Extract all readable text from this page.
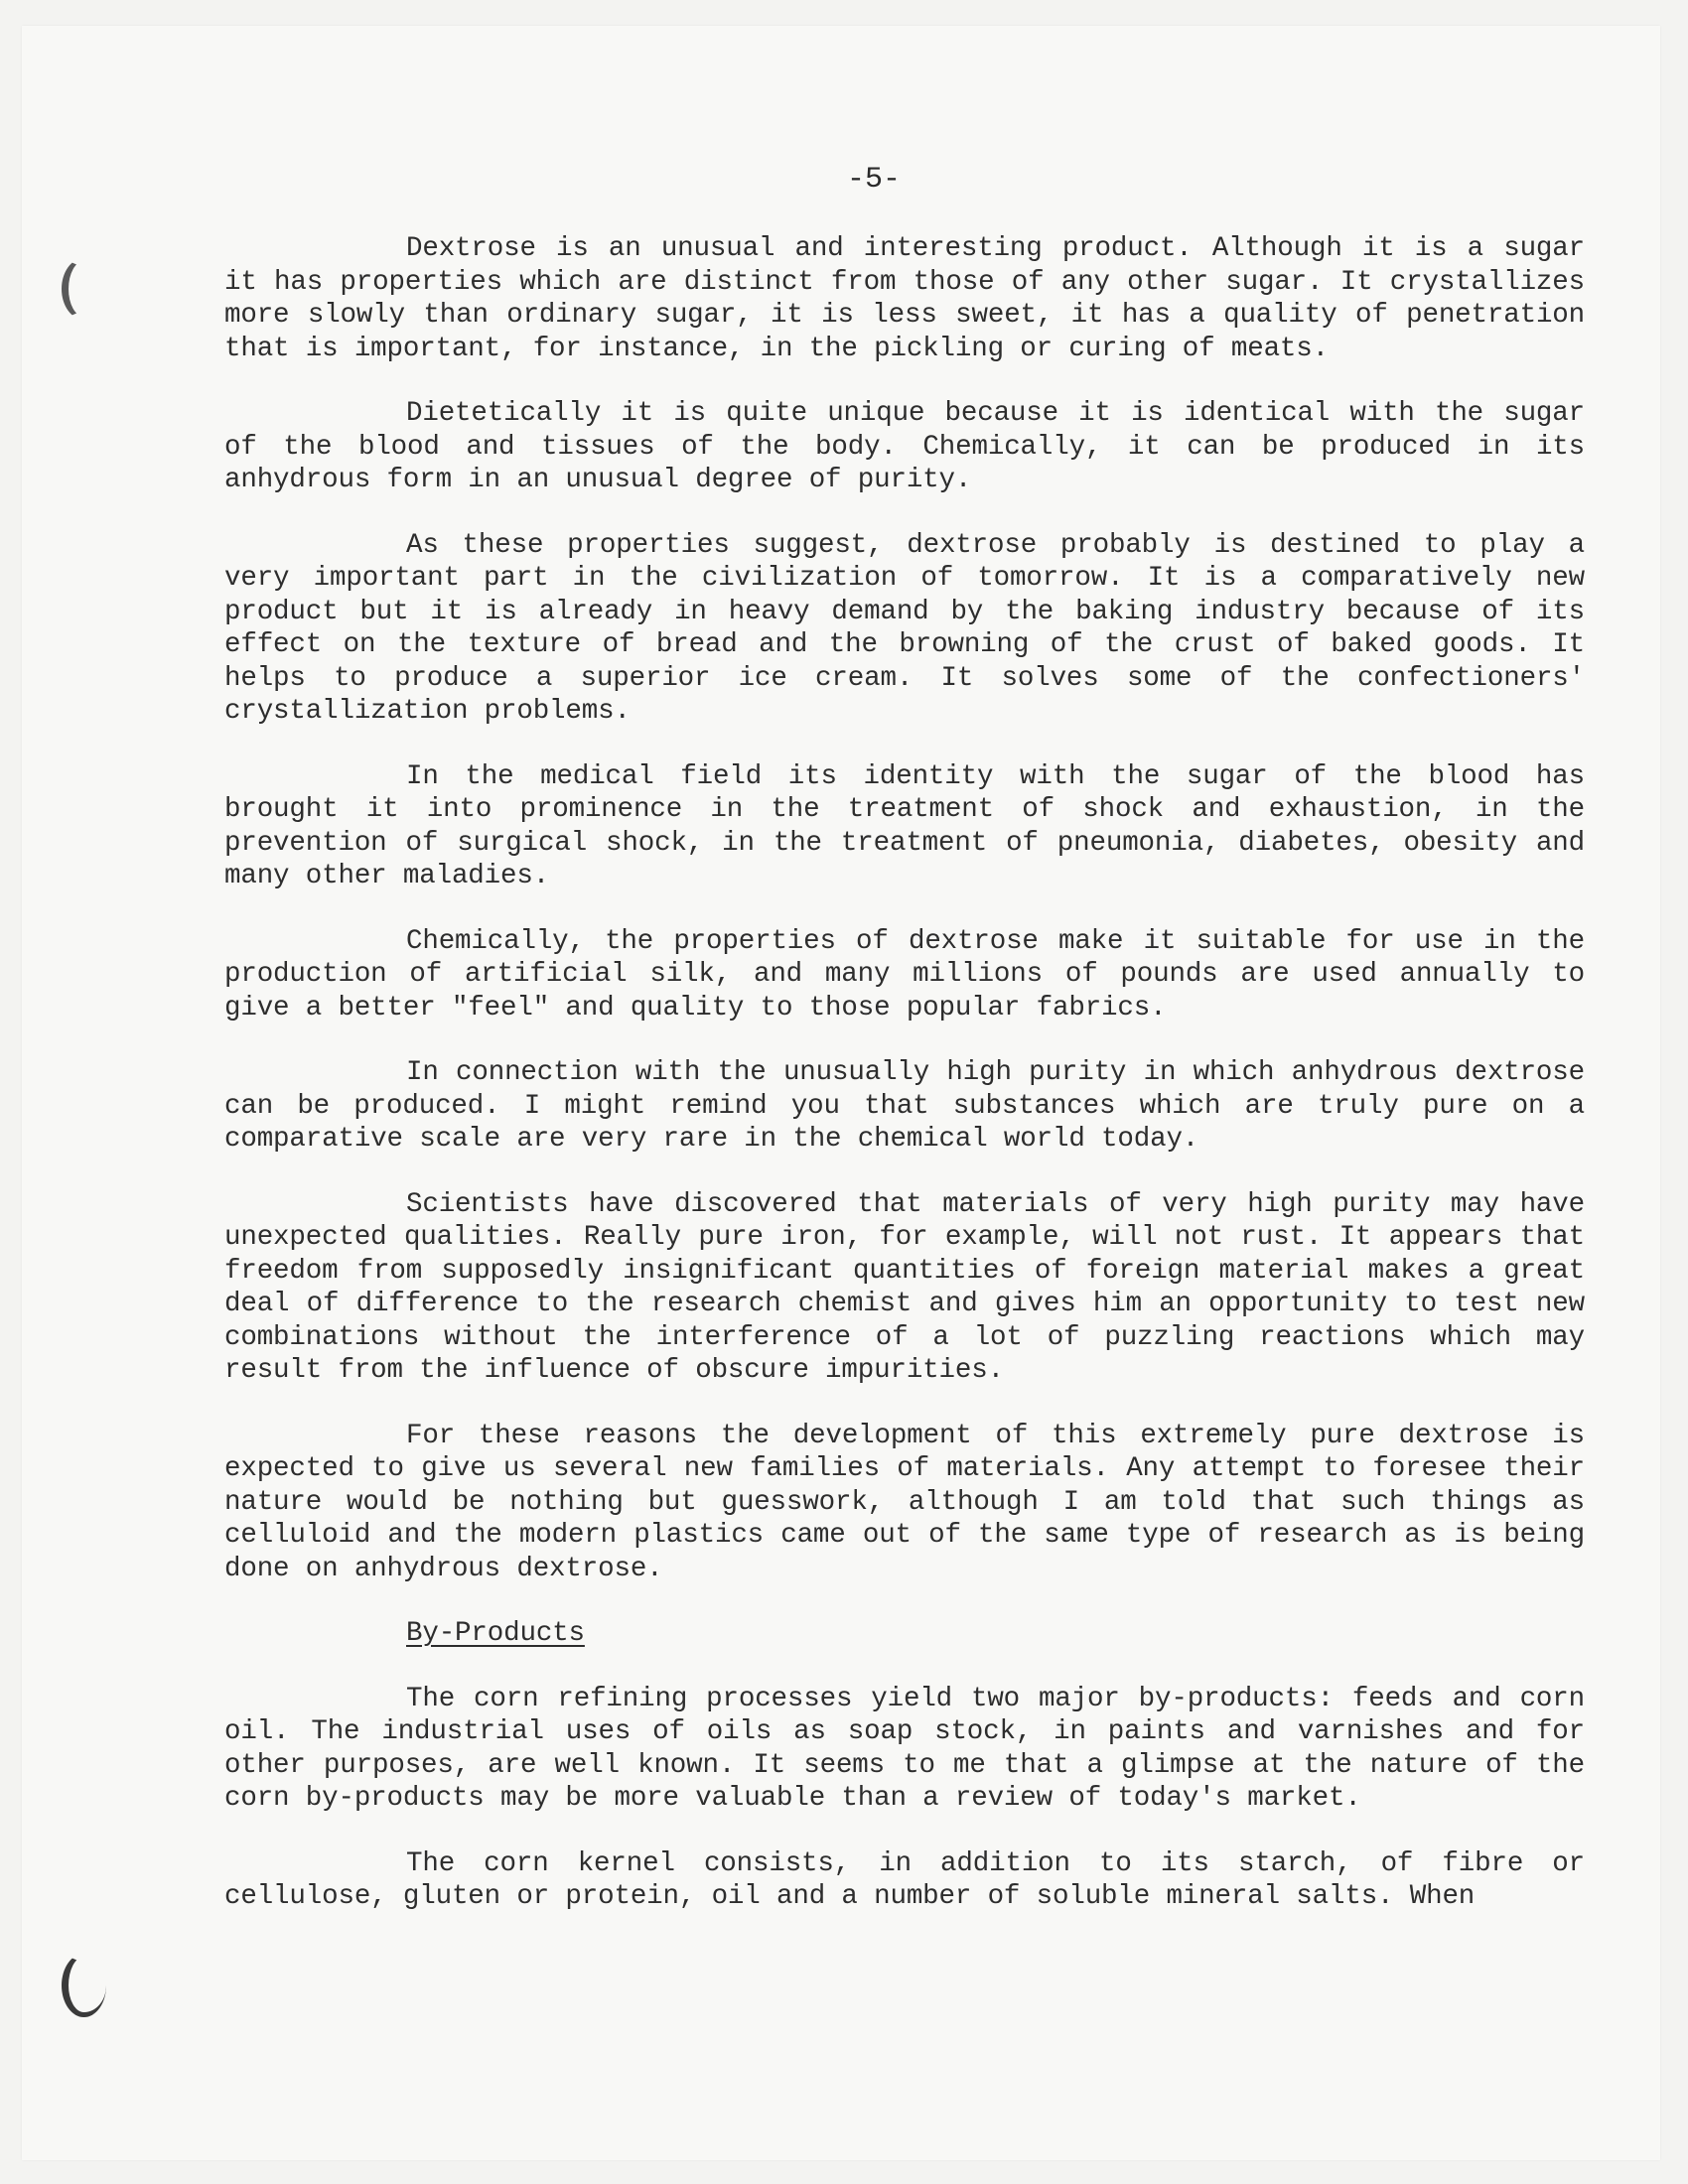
-5-

Dextrose is an unusual and interesting product. Although it is a sugar it has properties which are distinct from those of any other sugar. It crystallizes more slowly than ordinary sugar, it is less sweet, it has a quality of penetration that is important, for instance, in the pickling or curing of meats.

Dietetically it is quite unique because it is identical with the sugar of the blood and tissues of the body. Chemically, it can be produced in its anhydrous form in an unusual degree of purity.

As these properties suggest, dextrose probably is destined to play a very important part in the civilization of tomorrow. It is a comparatively new product but it is already in heavy demand by the baking industry because of its effect on the texture of bread and the browning of the crust of baked goods. It helps to produce a superior ice cream. It solves some of the confectioners' crystallization problems.

In the medical field its identity with the sugar of the blood has brought it into prominence in the treatment of shock and exhaustion, in the prevention of surgical shock, in the treatment of pneumonia, diabetes, obesity and many other maladies.

Chemically, the properties of dextrose make it suitable for use in the production of artificial silk, and many millions of pounds are used annually to give a better "feel" and quality to those popular fabrics.

In connection with the unusually high purity in which anhydrous dextrose can be produced. I might remind you that substances which are truly pure on a comparative scale are very rare in the chemical world today.

Scientists have discovered that materials of very high purity may have unexpected qualities. Really pure iron, for example, will not rust. It appears that freedom from supposedly insignificant quantities of foreign material makes a great deal of difference to the research chemist and gives him an opportunity to test new combinations without the interference of a lot of puzzling reactions which may result from the influence of obscure impurities.

For these reasons the development of this extremely pure dextrose is expected to give us several new families of materials. Any attempt to foresee their nature would be nothing but guesswork, although I am told that such things as celluloid and the modern plastics came out of the same type of research as is being done on anhydrous dextrose.

By-Products

The corn refining processes yield two major by-products: feeds and corn oil. The industrial uses of oils as soap stock, in paints and varnishes and for other purposes, are well known. It seems to me that a glimpse at the nature of the corn by-products may be more valuable than a review of today's market.

The corn kernel consists, in addition to its starch, of fibre or cellulose, gluten or protein, oil and a number of soluble mineral salts. When
